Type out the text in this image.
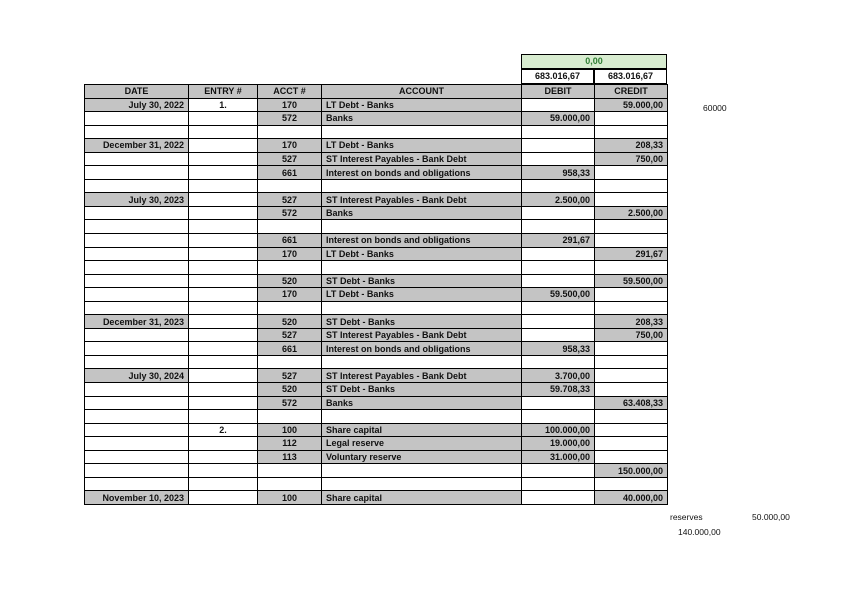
0,00
683.016,67	683.016,67
DATE	ENTRY #	ACCT #	ACCOUNT	DEBIT	CREDIT
July 30, 2022	1.	170	LT Debt - Banks		59.000,00
		572	Banks	59.000,00	

December 31, 2022		170	LT Debt - Banks		208,33
		527	ST Interest Payables - Bank Debt		750,00
		661	Interest on bonds and obligations	958,33	

July 30, 2023		527	ST Interest Payables - Bank Debt	2.500,00	
		572	Banks		2.500,00

		661	Interest on bonds and obligations	291,67	
		170	LT Debt - Banks		291,67

		520	ST Debt - Banks		59.500,00
		170	LT Debt - Banks	59.500,00	

December 31, 2023		520	ST Debt - Banks		208,33
		527	ST Interest Payables - Bank Debt		750,00
		661	Interest on bonds and obligations	958,33	

July 30, 2024		527	ST Interest Payables - Bank Debt	3.700,00	
		520	ST Debt - Banks	59.708,33	
		572	Banks		63.408,33

	2.	100	Share capital	100.000,00	
		112	Legal reserve	19.000,00	
		113	Voluntary reserve	31.000,00	
					150.000,00

November 10, 2023		100	Share capital		40.000,00
60000
reserves	50.000,00
140.000,00
